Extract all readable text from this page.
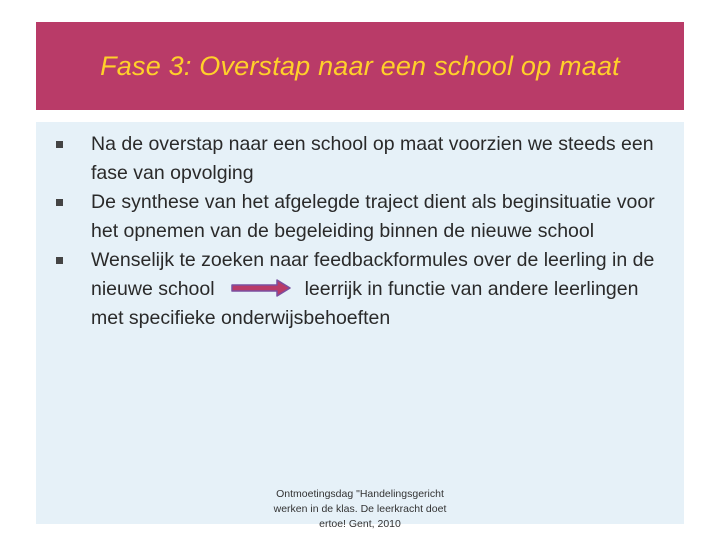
Fase 3: Overstap naar een school op maat
Na de overstap naar een school op maat voorzien we steeds een fase van opvolging
De synthese van het afgelegde traject dient als beginsituatie voor het opnemen van de begeleiding binnen de nieuwe school
Wenselijk te zoeken naar feedbackformules over de leerling in de nieuwe school	leerrijk in functie van andere leerlingen met specifieke onderwijsbehoeften
Ontmoetingsdag "Handelingsgericht
werken in de klas. De leerkracht doet
ertoe! Gent, 2010
